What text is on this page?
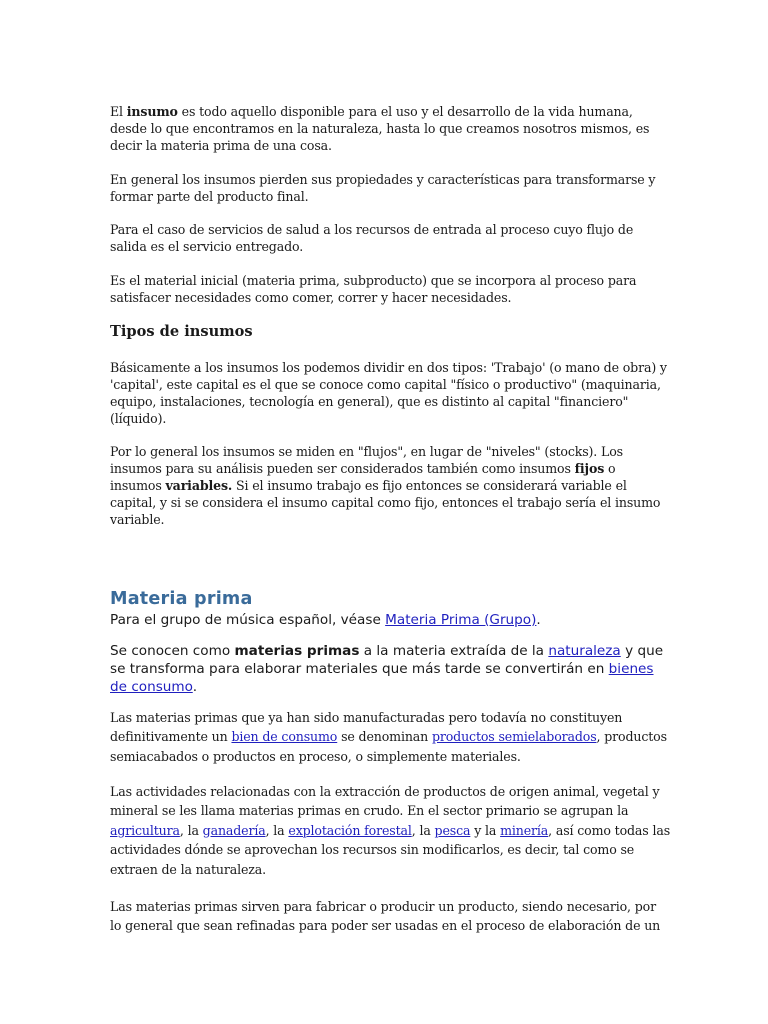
El insumo es todo aquello disponible para el uso y el desarrollo de la vida humana, desde lo que encontramos en la naturaleza, hasta lo que creamos nosotros mismos, es decir la materia prima de una cosa.

En general los insumos pierden sus propiedades y características para transformarse y formar parte del producto final.

Para el caso de servicios de salud a los recursos de entrada al proceso cuyo flujo de salida es el servicio entregado.

Es el material inicial (materia prima, subproducto) que se incorpora al proceso para satisfacer necesidades como comer, correr y hacer necesidades.

Tipos de insumos

Básicamente a los insumos los podemos dividir en dos tipos: 'Trabajo' (o mano de obra) y 'capital', este capital es el que se conoce como capital "físico o productivo" (maquinaria, equipo, instalaciones, tecnología en general), que es distinto al capital "financiero" (líquido).

Por lo general los insumos se miden en "flujos", en lugar de "niveles" (stocks). Los insumos para su análisis pueden ser considerados también como insumos fijos o insumos variables. Si el insumo trabajo es fijo entonces se considerará variable el capital, y si se considera el insumo capital como fijo, entonces el trabajo sería el insumo variable.

Materia prima

Para el grupo de música español, véase Materia Prima (Grupo).

Se conocen como materias primas a la materia extraída de la naturaleza y que se transforma para elaborar materiales que más tarde se convertirán en bienes de consumo.

Las materias primas que ya han sido manufacturadas pero todavía no constituyen definitivamente un bien de consumo se denominan productos semielaborados, productos semiacabados o productos en proceso, o simplemente materiales.

Las actividades relacionadas con la extracción de productos de origen animal, vegetal y mineral se les llama materias primas en crudo. En el sector primario se agrupan la agricultura, la ganadería, la explotación forestal, la pesca y la minería, así como todas las actividades dónde se aprovechan los recursos sin modificarlos, es decir, tal como se extraen de la naturaleza.

Las materias primas sirven para fabricar o producir un producto, siendo necesario, por lo general que sean refinadas para poder ser usadas en el proceso de elaboración de un
